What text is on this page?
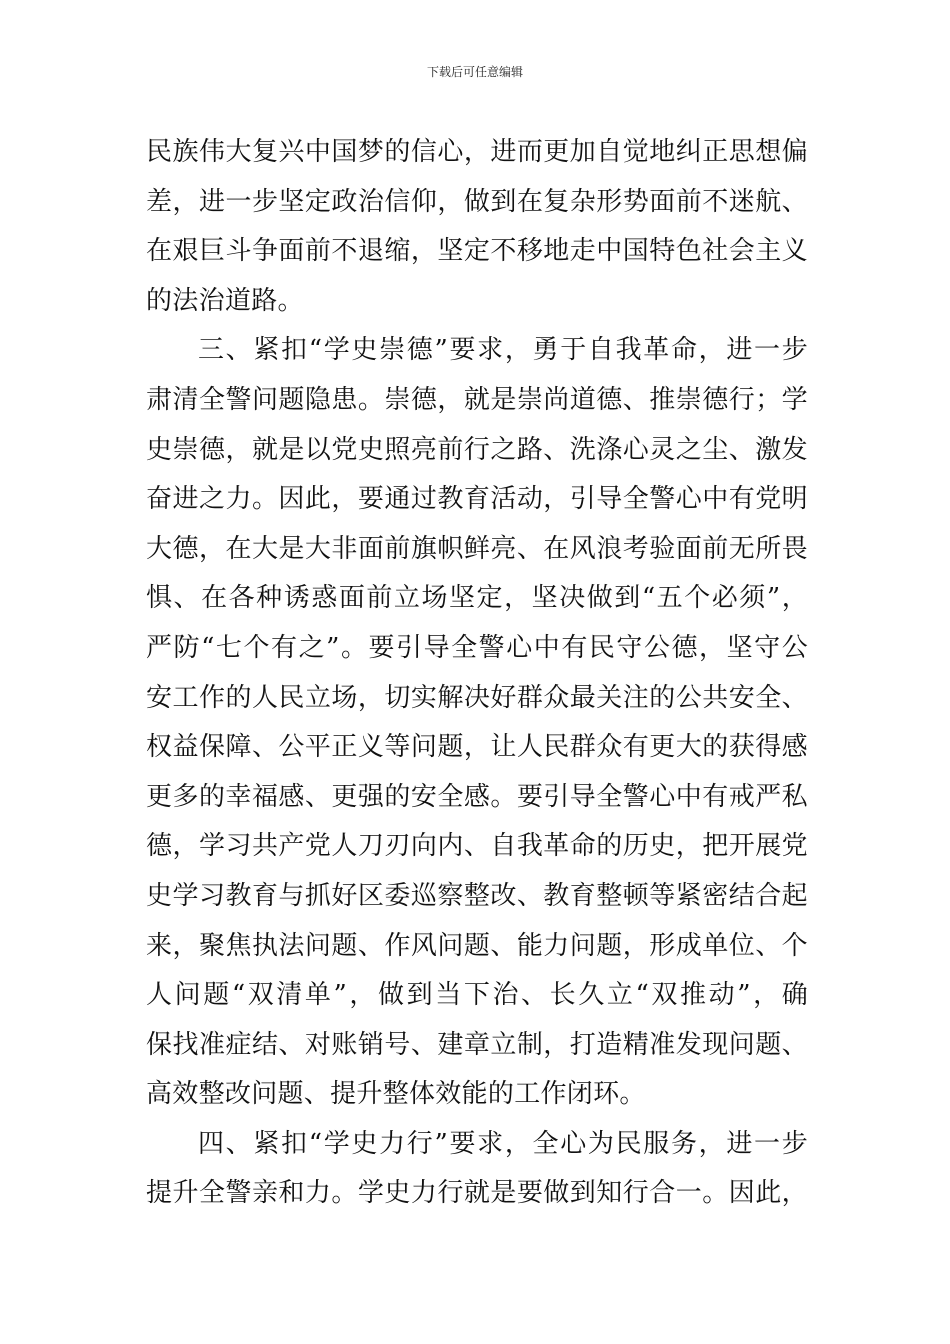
下载后可任意编辑
民族伟大复兴中国梦的信心，进而更加自觉地纠正思想偏
差，进一步坚定政治信仰，做到在复杂形势面前不迷航、
在艰巨斗争面前不退缩，坚定不移地走中国特色社会主义
的法治道路。
三、紧扣“学史崇德”要求，勇于自我革命，进一步
肃清全警问题隐患。崇德，就是崇尚道德、推崇德行；学
史崇德，就是以党史照亮前行之路、洗涤心灵之尘、激发
奋进之力。因此，要通过教育活动，引导全警心中有党明
大德，在大是大非面前旗帜鲜亮、在风浪考验面前无所畏
惧、在各种诱惑面前立场坚定，坚决做到“五个必须”，
严防“七个有之”。要引导全警心中有民守公德，坚守公
安工作的人民立场，切实解决好群众最关注的公共安全、
权益保障、公平正义等问题，让人民群众有更大的获得感
更多的幸福感、更强的安全感。要引导全警心中有戒严私
德，学习共产党人刀刃向内、自我革命的历史，把开展党
史学习教育与抓好区委巡察整改、教育整顿等紧密结合起
来，聚焦执法问题、作风问题、能力问题，形成单位、个
人问题“双清单”，做到当下治、长久立“双推动”，确
保找准症结、对账销号、建章立制，打造精准发现问题、
高效整改问题、提升整体效能的工作闭环。
四、紧扣“学史力行”要求，全心为民服务，进一步
提升全警亲和力。学史力行就是要做到知行合一。因此，
